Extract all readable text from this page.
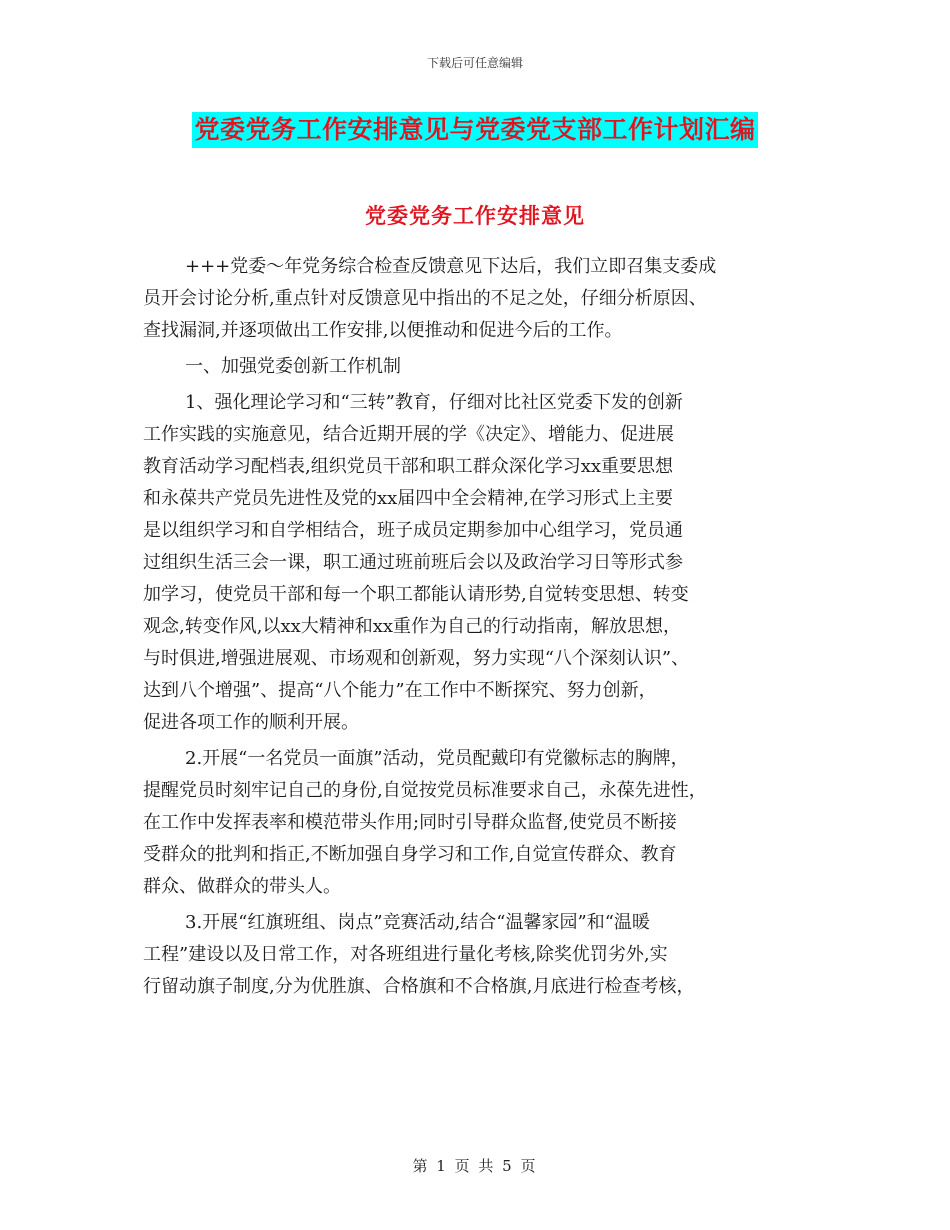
下载后可任意编辑
党委党务工作安排意见与党委党支部工作计划汇编
党委党务工作安排意见
+++党委～年党务综合检查反馈意见下达后，我们立即召集支委成
员开会讨论分析,重点针对反馈意见中指出的不足之处，仔细分析原因、
查找漏洞,并逐项做出工作安排,以便推动和促进今后的工作。
一、加强党委创新工作机制
1、强化理论学习和“三转”教育，仔细对比社区党委下发的创新
工作实践的实施意见，结合近期开展的学《决定》、增能力、促进展
教育活动学习配档表,组织党员干部和职工群众深化学习xx重要思想
和永葆共产党员先进性及党的xx届四中全会精神,在学习形式上主要
是以组织学习和自学相结合，班子成员定期参加中心组学习，党员通
过组织生活三会一课，职工通过班前班后会以及政治学习日等形式参
加学习，使党员干部和每一个职工都能认请形势,自觉转变思想、转变
观念,转变作风,以xx大精神和xx重作为自己的行动指南，解放思想，
与时俱进,增强进展观、市场观和创新观，努力实现“八个深刻认识”、
达到八个增强”、提高“八个能力”在工作中不断探究、努力创新，
促进各项工作的顺利开展。
2.开展“一名党员一面旗”活动，党员配戴印有党徽标志的胸牌，
提醒党员时刻牢记自己的身份,自觉按党员标准要求自己，永葆先进性，
在工作中发挥表率和模范带头作用;同时引导群众监督,使党员不断接
受群众的批判和指正,不断加强自身学习和工作,自觉宣传群众、教育
群众、做群众的带头人。
3.开展“红旗班组、岗点”竞赛活动,结合“温馨家园”和“温暖
工程”建设以及日常工作，对各班组进行量化考核,除奖优罚劣外,实
行留动旗子制度,分为优胜旗、合格旗和不合格旗,月底进行检查考核，
第 1 页 共 5 页
